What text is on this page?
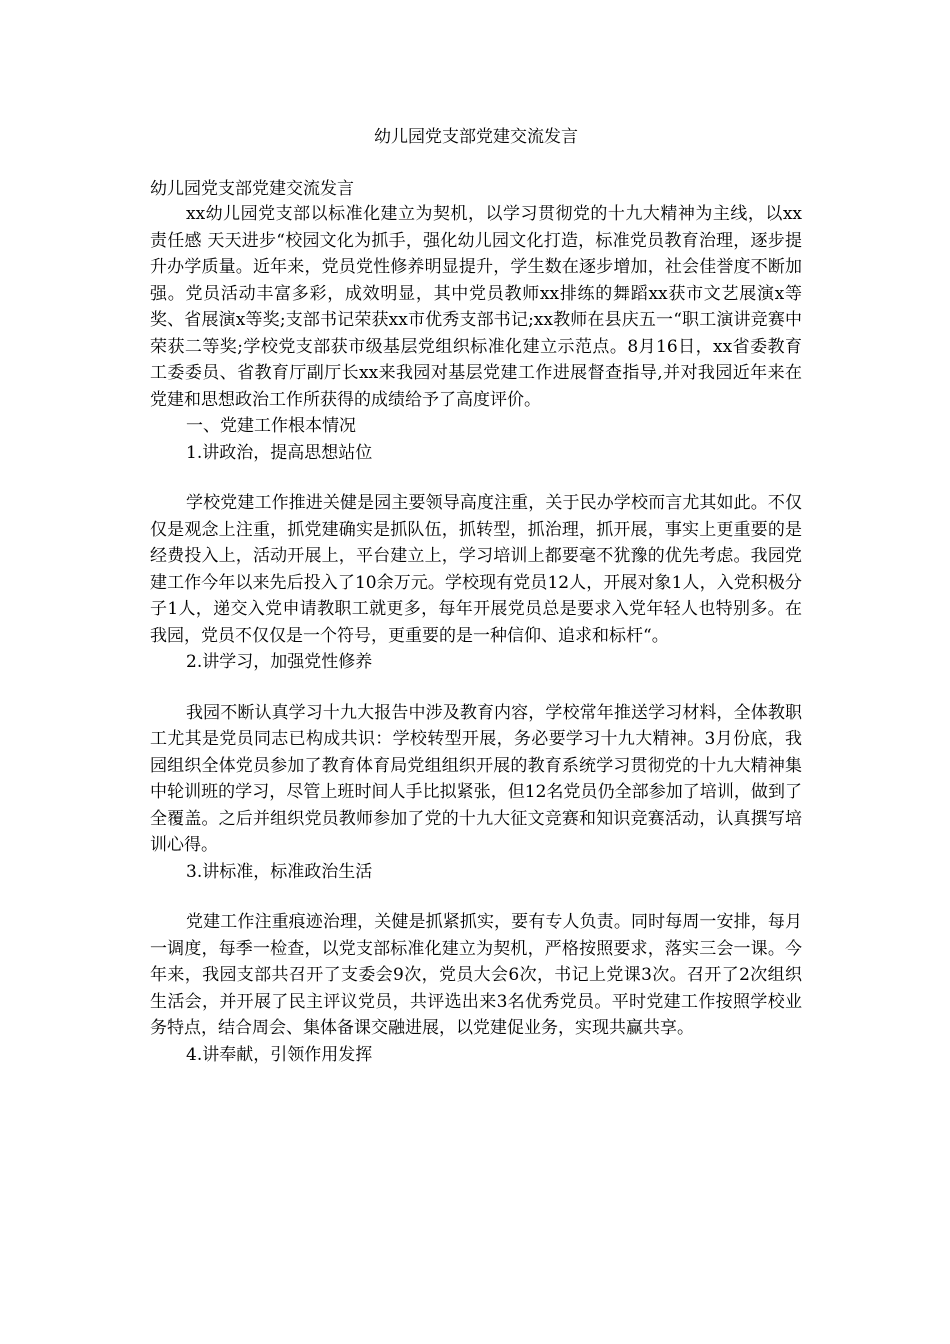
幼儿园党支部党建交流发言

幼儿园党支部党建交流发言

xx幼儿园党支部以标准化建立为契机，以学习贯彻党的十九大精神为主线，以xx责任感 天天进步“校园文化为抓手，强化幼儿园文化打造，标准党员教育治理，逐步提升办学质量。近年来，党员党性修养明显提升，学生数在逐步增加，社会佳誉度不断加强。党员活动丰富多彩，成效明显，其中党员教师xx排练的舞蹈xx获市文艺展演x等奖、省展演x等奖;支部书记荣获xx市优秀支部书记;xx教师在县庆五一“职工演讲竞赛中荣获二等奖;学校党支部获市级基层党组织标准化建立示范点。8月16日，xx省委教育工委委员、省教育厅副厅长xx来我园对基层党建工作进展督查指导,并对我园近年来在党建和思想政治工作所获得的成绩给予了高度评价。

一、党建工作根本情况

1.讲政治，提高思想站位

学校党建工作推进关健是园主要领导高度注重，关于民办学校而言尤其如此。不仅仅是观念上注重，抓党建确实是抓队伍，抓转型，抓治理，抓开展，事实上更重要的是经费投入上，活动开展上，平台建立上，学习培训上都要毫不犹豫的优先考虑。我园党建工作今年以来先后投入了10余万元。学校现有党员12人，开展对象1人，入党积极分子1人，递交入党申请教职工就更多，每年开展党员总是要求入党年轻人也特别多。在我园，党员不仅仅是一个符号，更重要的是一种信仰、追求和标杆“。

2.讲学习，加强党性修养

我园不断认真学习十九大报告中涉及教育内容，学校常年推送学习材料，全体教职工尤其是党员同志已构成共识：学校转型开展，务必要学习十九大精神。3月份底，我园组织全体党员参加了教育体育局党组组织开展的教育系统学习贯彻党的十九大精神集中轮训班的学习，尽管上班时间人手比拟紧张，但12名党员仍全部参加了培训，做到了全覆盖。之后并组织党员教师参加了党的十九大征文竞赛和知识竞赛活动，认真撰写培训心得。

3.讲标准，标准政治生活

党建工作注重痕迹治理，关健是抓紧抓实，要有专人负责。同时每周一安排，每月一调度，每季一检查，以党支部标准化建立为契机，严格按照要求，落实三会一课。今年来，我园支部共召开了支委会9次，党员大会6次，书记上党课3次。召开了2次组织生活会，并开展了民主评议党员，共评选出来3名优秀党员。平时党建工作按照学校业务特点，结合周会、集体备课交融进展，以党建促业务，实现共赢共享。

4.讲奉献，引领作用发挥
